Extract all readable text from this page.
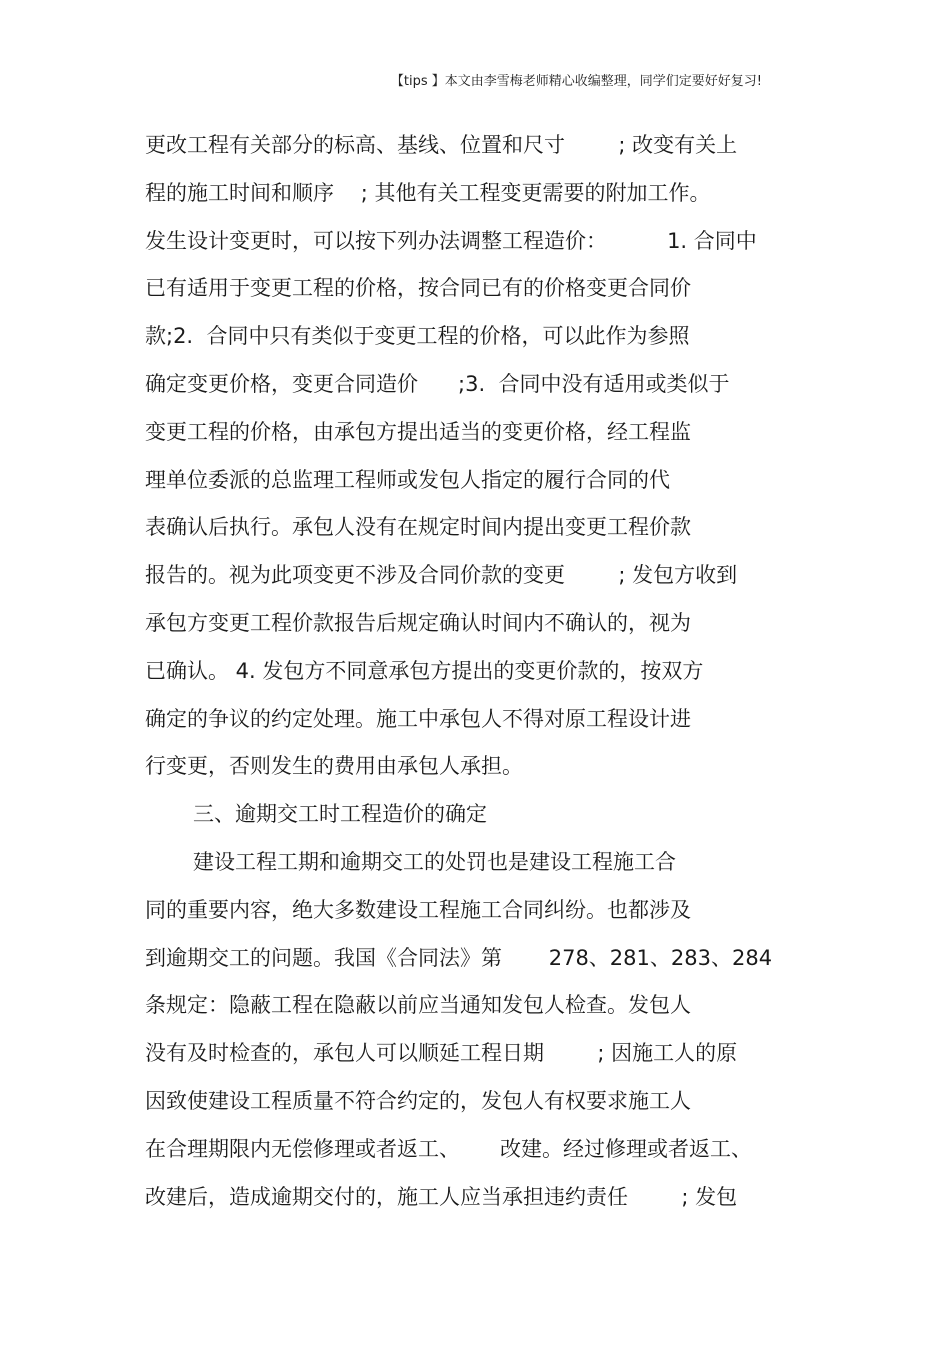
【tips 】本文由李雪梅老师精心收编整理，同学们定要好好复习!
更改工程有关部分的标高、基线、位置和尺寸        ; 改变有关上
程的施工时间和顺序    ; 其他有关工程变更需要的附加工作。
发生设计变更时，可以按下列办法调整工程造价：         1. 合同中
已有适用于变更工程的价格，按合同已有的价格变更合同价
款;2.  合同中只有类似于变更工程的价格，可以此作为参照
确定变更价格，变更合同造价      ;3.  合同中没有适用或类似于
变更工程的价格，由承包方提出适当的变更价格，经工程监
理单位委派的总监理工程师或发包人指定的履行合同的代
表确认后执行。承包人没有在规定时间内提出变更工程价款
报告的。视为此项变更不涉及合同价款的变更        ; 发包方收到
承包方变更工程价款报告后规定确认时间内不确认的，视为
已确认。 4. 发包方不同意承包方提出的变更价款的，按双方
确定的争议的约定处理。施工中承包人不得对原工程设计进
行变更，否则发生的费用由承包人承担。
三、逾期交工时工程造价的确定
建设工程工期和逾期交工的处罚也是建设工程施工合
同的重要内容，绝大多数建设工程施工合同纠纷。也都涉及
到逾期交工的问题。我国《合同法》第       278、281、283、284
条规定：隐蔽工程在隐蔽以前应当通知发包人检查。发包人
没有及时检查的，承包人可以顺延工程日期        ; 因施工人的原
因致使建设工程质量不符合约定的，发包人有权要求施工人
在合理期限内无偿修理或者返工、      改建。经过修理或者返工、
改建后，造成逾期交付的，施工人应当承担违约责任        ; 发包
